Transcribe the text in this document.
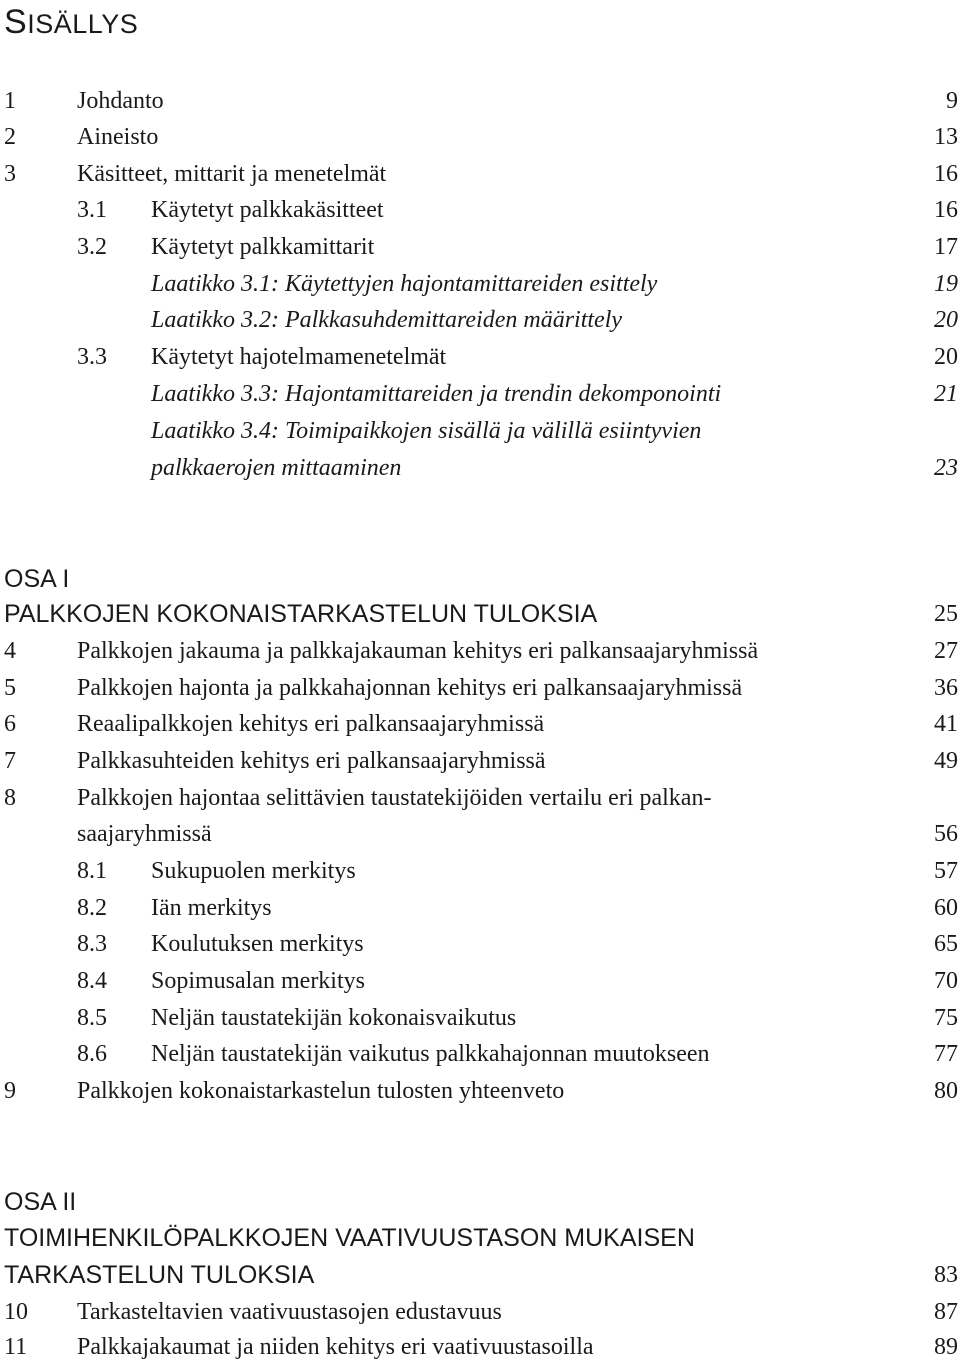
SISÄLLYS
1	Johdanto	9
2	Aineisto	13
3	Käsitteet, mittarit ja menetelmät	16
3.1 Käytetyt palkkakäsitteet	16
3.2 Käytetyt palkkamittarit	17
Laatikko 3.1: Käytettyjen hajontamittareiden esittely	19
Laatikko 3.2: Palkkasuhdemittareiden määrittely	20
3.3 Käytetyt hajotelmamenetelmät	20
Laatikko 3.3: Hajontamittareiden ja trendin dekomponointi	21
Laatikko 3.4: Toimipaikkojen sisällä ja välillä esiintyvien
palkkaerojen mittaaminen	23
OSA I
PALKKOJEN KOKONAISTARKASTELUN TULOKSIA	25
4	Palkkojen jakauma ja palkkajakauman kehitys eri palkansaajaryhmissä	27
5	Palkkojen hajonta ja palkkahajonnan kehitys eri palkansaajaryhmissä	36
6	Reaalipalkkojen kehitys eri palkansaajaryhmissä	41
7	Palkkasuhteiden kehitys eri palkansaajaryhmissä	49
8	Palkkojen hajontaa selittävien taustatekijöiden vertailu eri palkan-
saajaryhmissä	56
8.1 Sukupuolen merkitys	57
8.2 Iän merkitys	60
8.3 Koulutuksen merkitys	65
8.4 Sopimusalan merkitys	70
8.5 Neljän taustatekijän kokonaisvaikutus	75
8.6 Neljän taustatekijän vaikutus palkkahajonnan muutokseen	77
9	Palkkojen kokonaistarkastelun tulosten yhteenveto	80
OSA II
TOIMIHENKILÖPALKKOJEN VAATIVUUSTASON MUKAISEN
TARKASTELUN TULOKSIA	83
10 Tarkasteltavien vaativuustasojen edustavuus	87
11 Palkkajakaumat ja niiden kehitys eri vaativuustasoilla	89
